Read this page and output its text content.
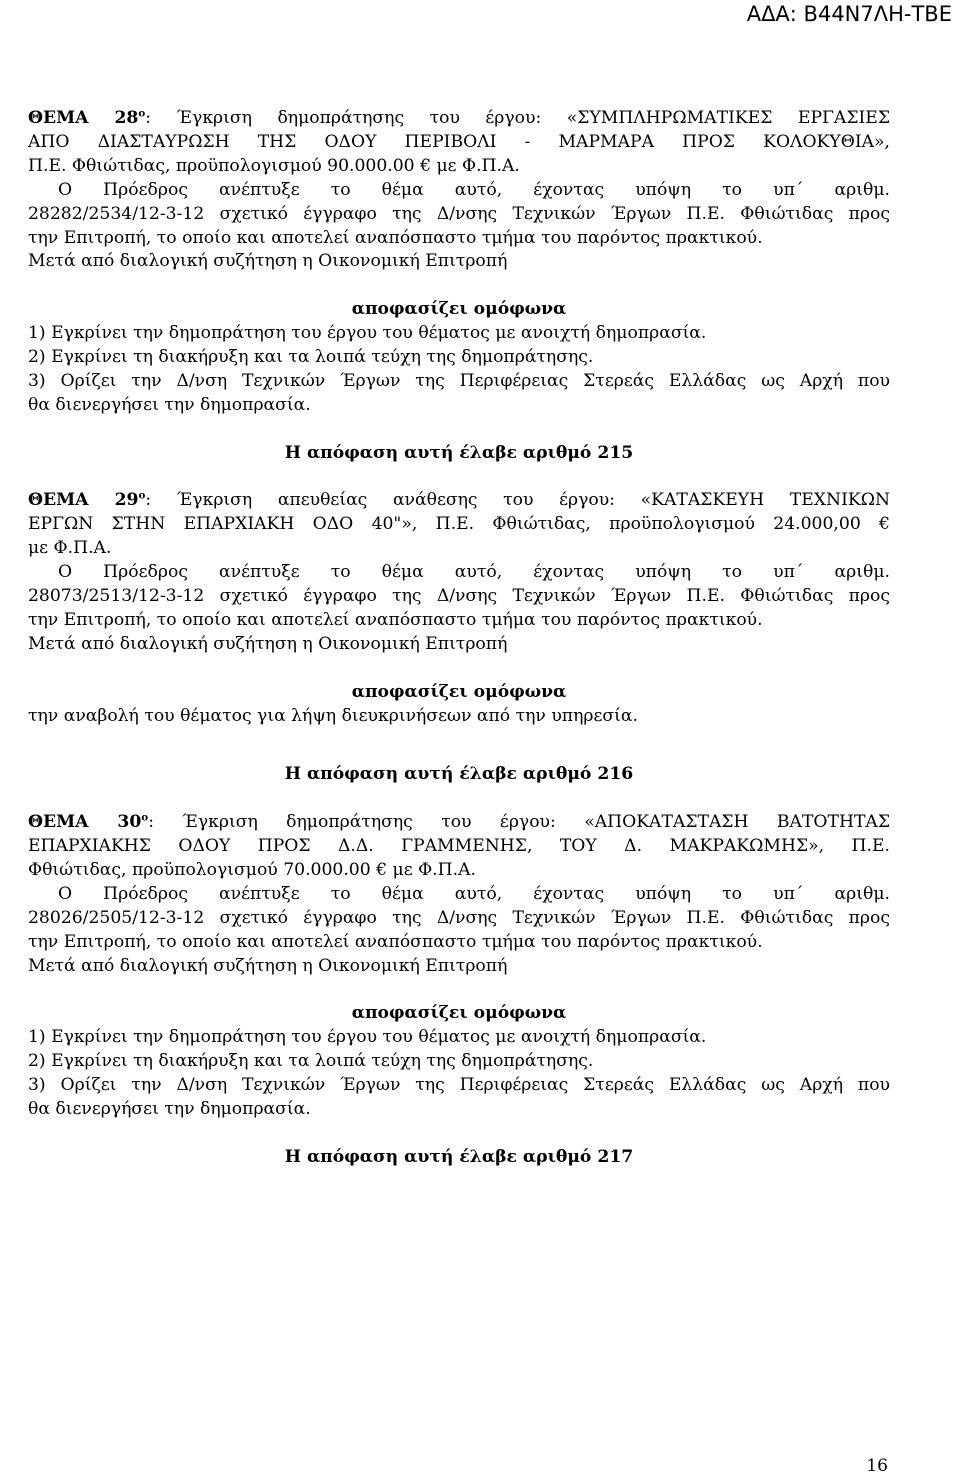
ΑΔΑ: Β44Ν7ΛΗ-ΤΒΕ
ΘΕΜΑ $28^o$: Έγκριση δημοπράτησης του έργου: «ΣΥΜΠΛΗΡΩΜΑΤΙΚΕΣ ΕΡΓΑΣΙΕΣ
ΑΠΟ ΔΙΑΣΤΑΥΡΩΣΗ ΤΗΣ ΟΔΟΥ ΠΕΡΙΒΟΛΙ - ΜΑΡΜΑΡΑ ΠΡΟΣ ΚΟΛΟΚΥΘΙΑ»,
Π.Ε. Φθιώτιδας, προϋπολογισμού 90.000.00 € με Φ.Π.Α.
Ο Πρόεδρος ανέπτυξε το θέμα αυτό, έχοντας υπόψη το υπ΄ αριθμ.
28282/2534/12-3-12 σχετικό έγγραφο της Δ/νσης Τεχνικών Έργων Π.Ε. Φθιώτιδας προς
την Επιτροπή, το οποίο και αποτελεί αναπόσπαστο τμήμα του παρόντος πρακτικού.
Μετά από διαλογική συζήτηση η Οικονομική Επιτροπή
αποφασίζει ομόφωνα
1) Εγκρίνει την δημοπράτηση του έργου του θέματος με ανοιχτή δημοπρασία.
2) Εγκρίνει τη διακήρυξη και τα λοιπά τεύχη της δημοπράτησης.
3) Ορίζει την Δ/νση Τεχνικών Έργων της Περιφέρειας Στερεάς Ελλάδας ως Αρχή που
θα διενεργήσει την δημοπρασία.
Η απόφαση αυτή έλαβε αριθμό 215
ΘΕΜΑ $29^o$: Έγκριση απευθείας ανάθεσης του έργου: «ΚΑΤΑΣΚΕΥΗ ΤΕΧΝΙΚΩΝ
ΕΡΓΩΝ ΣΤΗΝ ΕΠΑΡΧΙΑΚΗ ΟΔΟ 40"», Π.Ε. Φθιώτιδας, προϋπολογισμού 24.000,00 €
με Φ.Π.Α.
Ο Πρόεδρος ανέπτυξε το θέμα αυτό, έχοντας υπόψη το υπ΄ αριθμ.
28073/2513/12-3-12 σχετικό έγγραφο της Δ/νσης Τεχνικών Έργων Π.Ε. Φθιώτιδας προς
την Επιτροπή, το οποίο και αποτελεί αναπόσπαστο τμήμα του παρόντος πρακτικού.
Μετά από διαλογική συζήτηση η Οικονομική Επιτροπή
αποφασίζει ομόφωνα
την αναβολή του θέματος για λήψη διευκρινήσεων από την υπηρεσία.
Η απόφαση αυτή έλαβε αριθμό 216
ΘΕΜΑ $30^o$: Έγκριση δημοπράτησης του έργου: «ΑΠΟΚΑΤΑΣΤΑΣΗ ΒΑΤΟΤΗΤΑΣ
ΕΠΑΡΧΙΑΚΗΣ ΟΔΟΥ ΠΡΟΣ Δ.Δ. ΓΡΑΜΜΕΝΗΣ, ΤΟΥ Δ. ΜΑΚΡΑΚΩΜΗΣ», Π.Ε.
Φθιώτιδας, προϋπολογισμού 70.000.00 € με Φ.Π.Α.
Ο Πρόεδρος ανέπτυξε το θέμα αυτό, έχοντας υπόψη το υπ΄ αριθμ.
28026/2505/12-3-12 σχετικό έγγραφο της Δ/νσης Τεχνικών Έργων Π.Ε. Φθιώτιδας προς
την Επιτροπή, το οποίο και αποτελεί αναπόσπαστο τμήμα του παρόντος πρακτικού.
Μετά από διαλογική συζήτηση η Οικονομική Επιτροπή
αποφασίζει ομόφωνα
1) Εγκρίνει την δημοπράτηση του έργου του θέματος με ανοιχτή δημοπρασία.
2) Εγκρίνει τη διακήρυξη και τα λοιπά τεύχη της δημοπράτησης.
3) Ορίζει την Δ/νση Τεχνικών Έργων της Περιφέρειας Στερεάς Ελλάδας ως Αρχή που
θα διενεργήσει την δημοπρασία.
Η απόφαση αυτή έλαβε αριθμό 217
16
